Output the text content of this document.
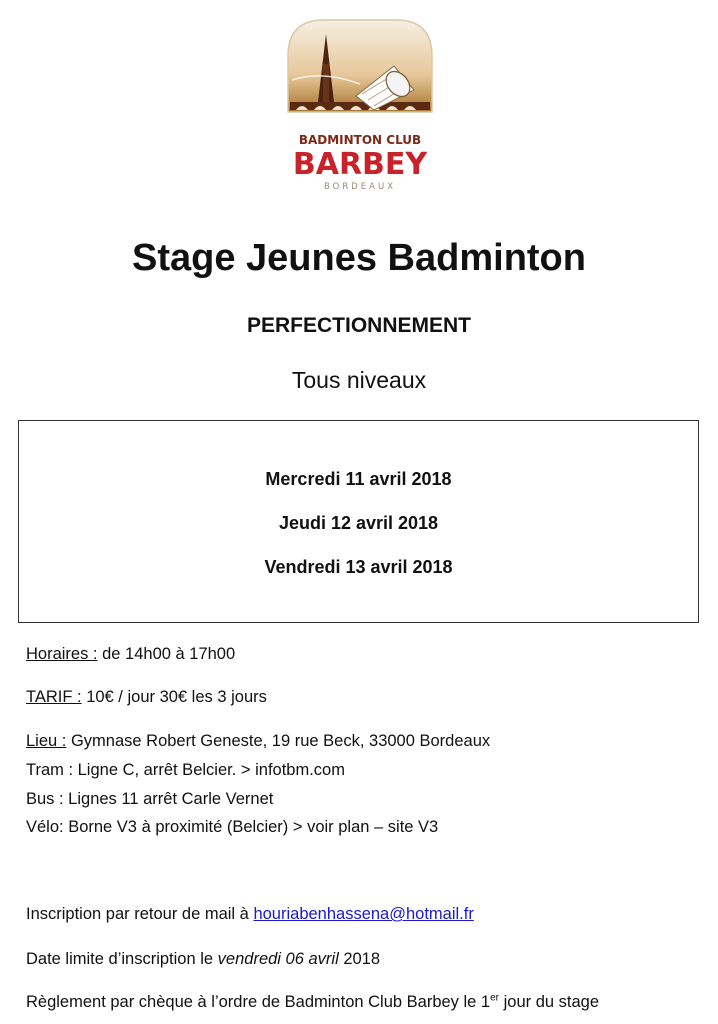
BADMINTON CLUB
BARBEY
BORDEAUX
Stage Jeunes Badminton
PERFECTIONNEMENT
Tous niveaux
Mercredi 11 avril 2018
Jeudi 12 avril 2018
Vendredi 13 avril 2018
Horaires : de 14h00 à 17h00
TARIF : 10€ / jour 30€ les 3 jours
Lieu : Gymnase Robert Geneste, 19 rue Beck, 33000 Bordeaux
Tram : Ligne C, arrêt Belcier. > infotbm.com
Bus : Lignes 11 arrêt Carle Vernet
Vélo: Borne V3 à proximité (Belcier) > voir plan – site V3
Inscription par retour de mail à houriabenhassena@hotmail.fr
Date limite d’inscription le vendredi 06 avril 2018
Règlement par chèque à l’ordre de Badminton Club Barbey le 1er jour du stage
